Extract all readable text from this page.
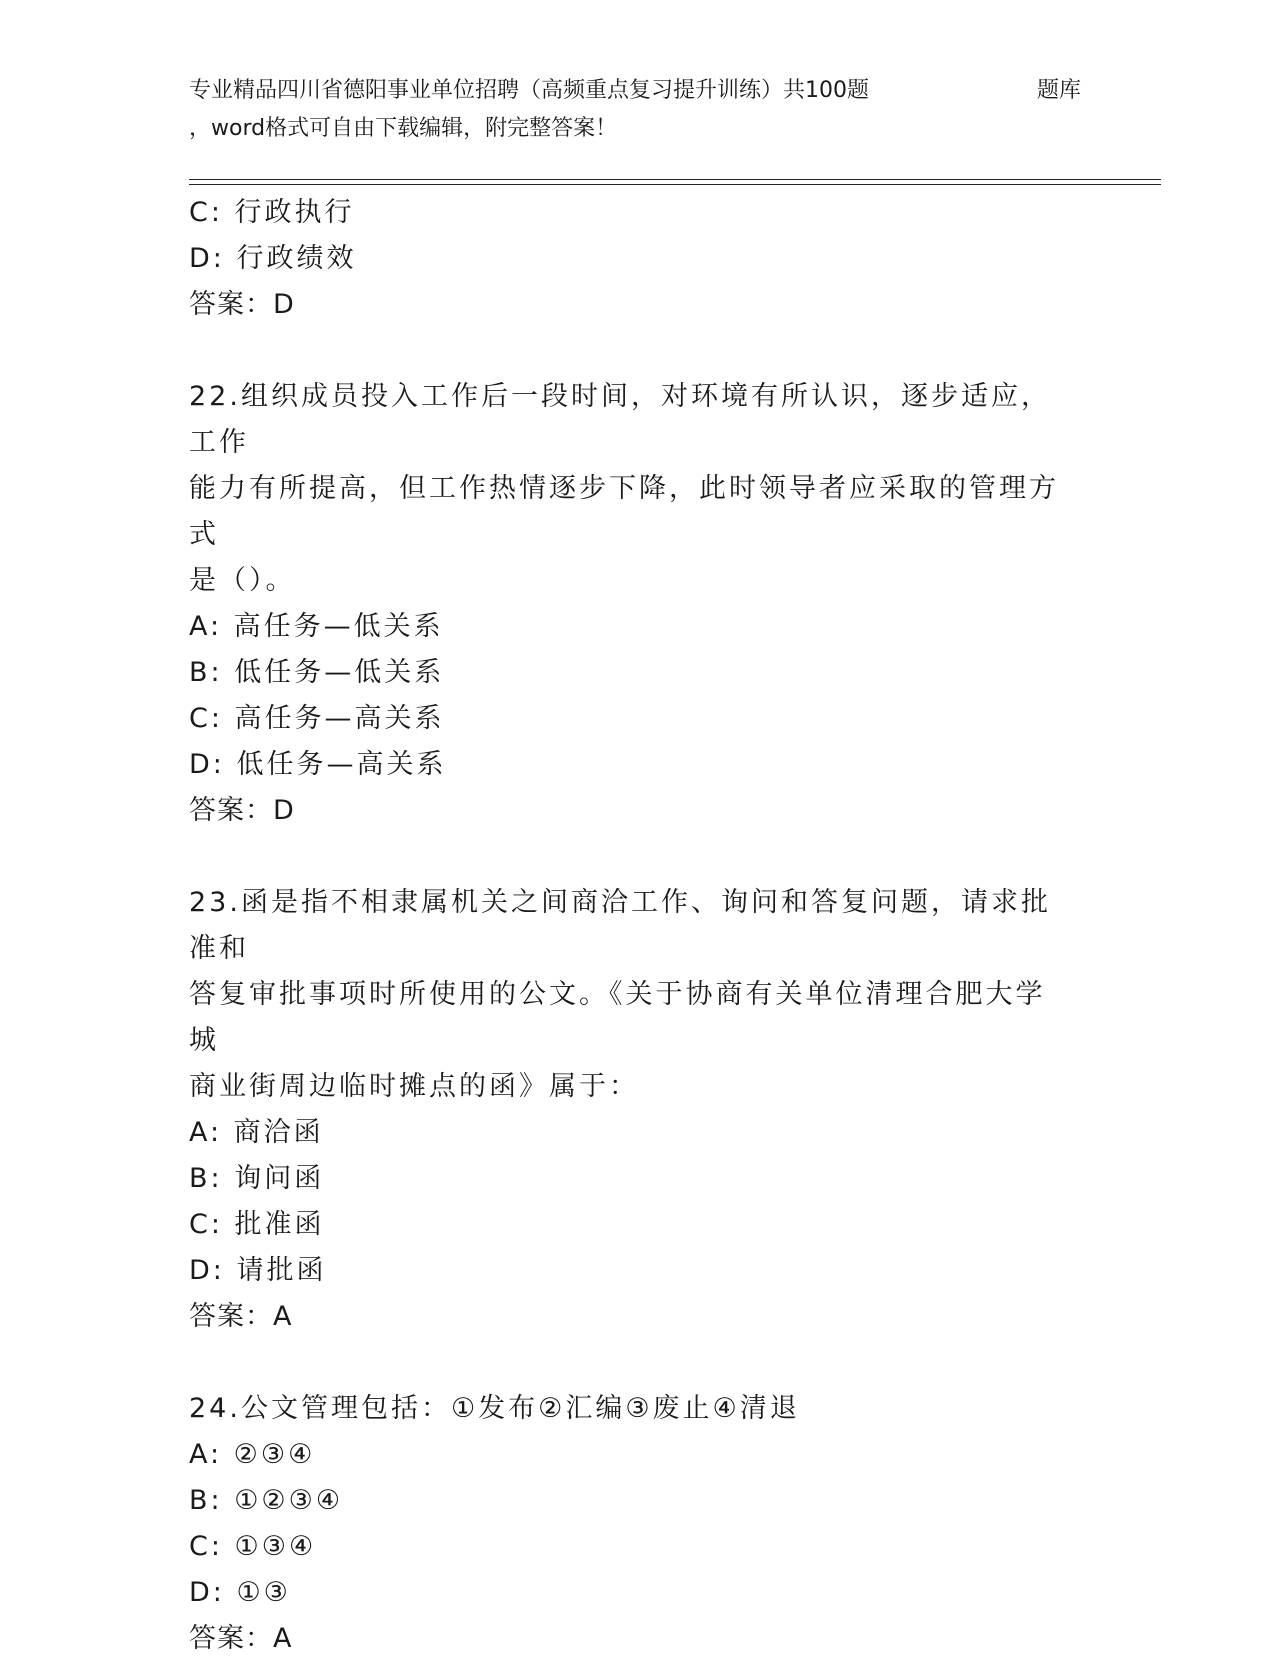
专业精品四川省德阳事业单位招聘（高频重点复习提升训练）共100题	题库
，word格式可自由下载编辑，附完整答案！
C: 行政执行
D: 行政绩效
答案：D
22.组织成员投入工作后一段时间，对环境有所认识，逐步适应，工作
能力有所提高，但工作热情逐步下降，此时领导者应采取的管理方式
是（）。
A: 高任务—低关系
B: 低任务—低关系
C: 高任务—高关系
D: 低任务—高关系
答案：D
23.函是指不相隶属机关之间商洽工作、询问和答复问题，请求批准和
答复审批事项时所使用的公文。《关于协商有关单位清理合肥大学城
商业街周边临时摊点的函》属于：
A: 商洽函
B: 询问函
C: 批准函
D: 请批函
答案：A
24.公文管理包括：①发布②汇编③废止④清退
A: ②③④
B: ①②③④
C: ①③④
D: ①③
答案：A
